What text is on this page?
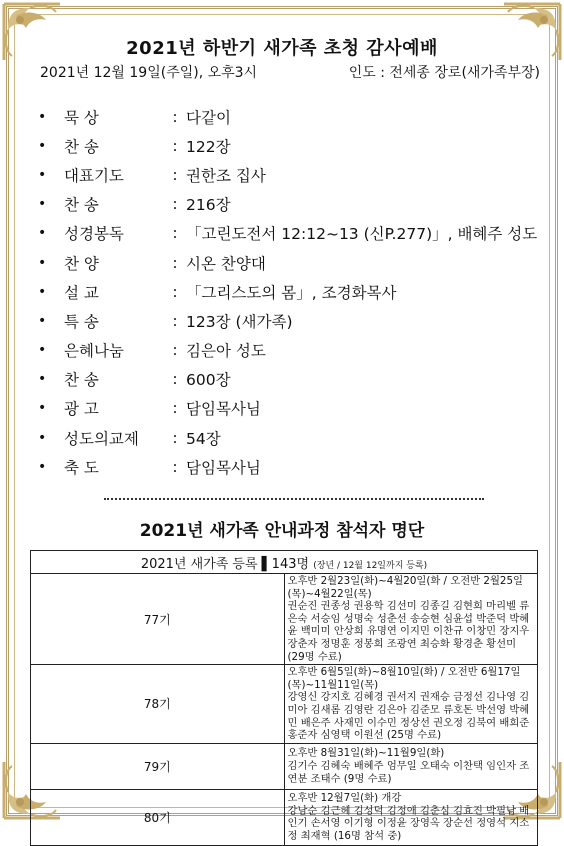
2021년 하반기 새가족 초청 감사예배
2021년 12월 19일(주일), 오후3시	인도 : 전세종 장로(새가족부장)
•	묵 상	: 다같이
•	찬 송	: 122장
•	대표기도	: 권한조 집사
•	찬 송	: 216장
•	성경봉독	: 「고린도전서 12:12~13 (신P.277)」, 배혜주 성도
•	찬 양	: 시온 찬양대
•	설 교	: 「그리스도의 몸」, 조경화목사
•	특 송	: 123장 (새가족)
•	은혜나눔	: 김은아 성도
•	찬 송	: 600장
•	광 고	: 담임목사님
•	성도의교제	: 54장
•	축 도	: 담임목사님
2021년 새가족 안내과정 참석자 명단
2021년 새가족 등록 ▌143명 (장년 / 12월 12일까지 등록)	
77기	오후반 2월23일(화)~4월20일(화 / 오전반 2월25일(목)~4월22일(목)
권순진 권종성 권용학 김선미 김종길 김현희 마리벨 류은숙 서승임 성명숙 성춘선 송승현 심윤섭 박준덕 박혜윤 백미미 안상희 유명연 이지민 이찬규 이창민 장지우 장춘자 정명훈 정봉희 조광연 최승화 황경춘 황선미 (29명 수료)

78기	오후반 6월5일(화)~8월10일(화) / 오전반 6월17일(목)~11월11일(목)
강영신 강지호 김혜경 권서지 권재승 금정선 김나영 김미아 김새롬 김영란 김은아 김준모 류호돈 박선영 박혜민 배은주 사재민 이수민 정상선 권오정 김북여 배희준 홍준자 심영택 이원선 (25명 수료)

79기	오후반 8월31일(화)~11월9일(화)
김기수 김혜숙 배혜주 엄무일 오태숙 이찬택 임인자 조연분 조태수 (9명 수료)

80기	오후반 12월7일(화) 개강
강남순 김근혜 김성덕 김정애 김춘심 김효진 박필남 배인기 손서영 이기형 이정윤 장영옥 장순선 정영석 지소정 최재혁 (16명 참석 중)
